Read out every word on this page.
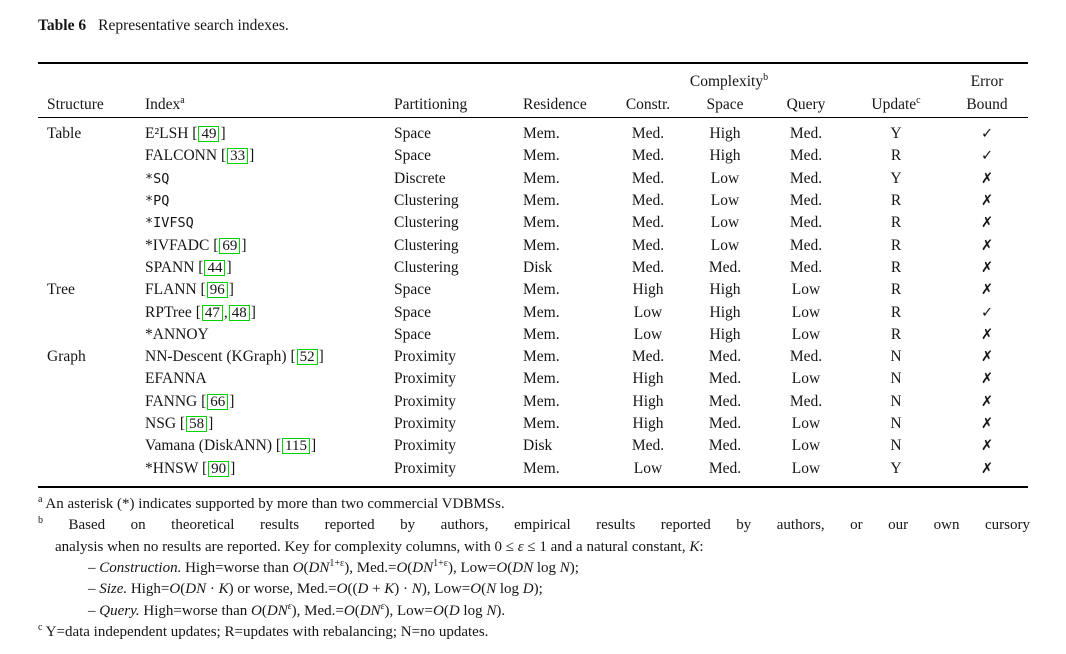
Table 6 Representative search indexes.
				Complexity$^b$				Error
Structure	Index$^a$	Partitioning	Residence	Constr.	Space	Query	Update$^c$	Bound
Table	E²LSH [ 49 ]	Space	Mem.	Med.	High	Med.	Y	✓
	FALCONN [ 33 ]	Space	Mem.	Med.	High	Med.	R	✓
	*SQ	Discrete	Mem.	Med.	Low	Med.	Y	✗
	*PQ	Clustering	Mem.	Med.	Low	Med.	R	✗
	*IVFSQ	Clustering	Mem.	Med.	Low	Med.	R	✗
	*IVFADC [ 69 ]	Clustering	Mem.	Med.	Low	Med.	R	✗
	SPANN [ 44 ]	Clustering	Disk	Med.	Med.	Med.	R	✗
Tree	FLANN [ 96 ]	Space	Mem.	High	High	Low	R	✗
	RPTree [ 47 , 48 ]	Space	Mem.	Low	High	Low	R	✓
	*ANNOY	Space	Mem.	Low	High	Low	R	✗
Graph	NN-Descent (KGraph) [ 52 ]	Proximity	Mem.	Med.	Med.	Med.	N	✗
	EFANNA	Proximity	Mem.	High	Med.	Low	N	✗
	FANNG [ 66 ]	Proximity	Mem.	High	Med.	Med.	N	✗
	NSG [ 58 ]	Proximity	Mem.	High	Med.	Low	N	✗
	Vamana (DiskANN) [ 115 ]	Proximity	Disk	Med.	Med.	Low	N	✗
	*HNSW [ 90 ]	Proximity	Mem.	Low	Med.	Low	Y	✗
$^a$ An asterisk (*) indicates supported by more than two commercial VDBMSs.
$^b$ Based on theoretical results reported by authors, empirical results reported by authors, or our own cursory
analysis when no results are reported. Key for complexity columns, with 0 ≤ ε ≤ 1 and a natural constant, K:
– Construction. High=worse than $O(DN^{1+\varepsilon})$, $Med.=O(DN^{1+\varepsilon})$, Low=O(DN log N);
– Size. High=O(DN · K) or worse, Med.=O((D + K) · N), Low=O(N log D);
– Query. High=worse than $O(DN^\varepsilon)$, $Med.=O(DN^\varepsilon)$, Low=O(D log N).
$^c$ Y=data independent updates; R=updates with rebalancing; N=no updates.
